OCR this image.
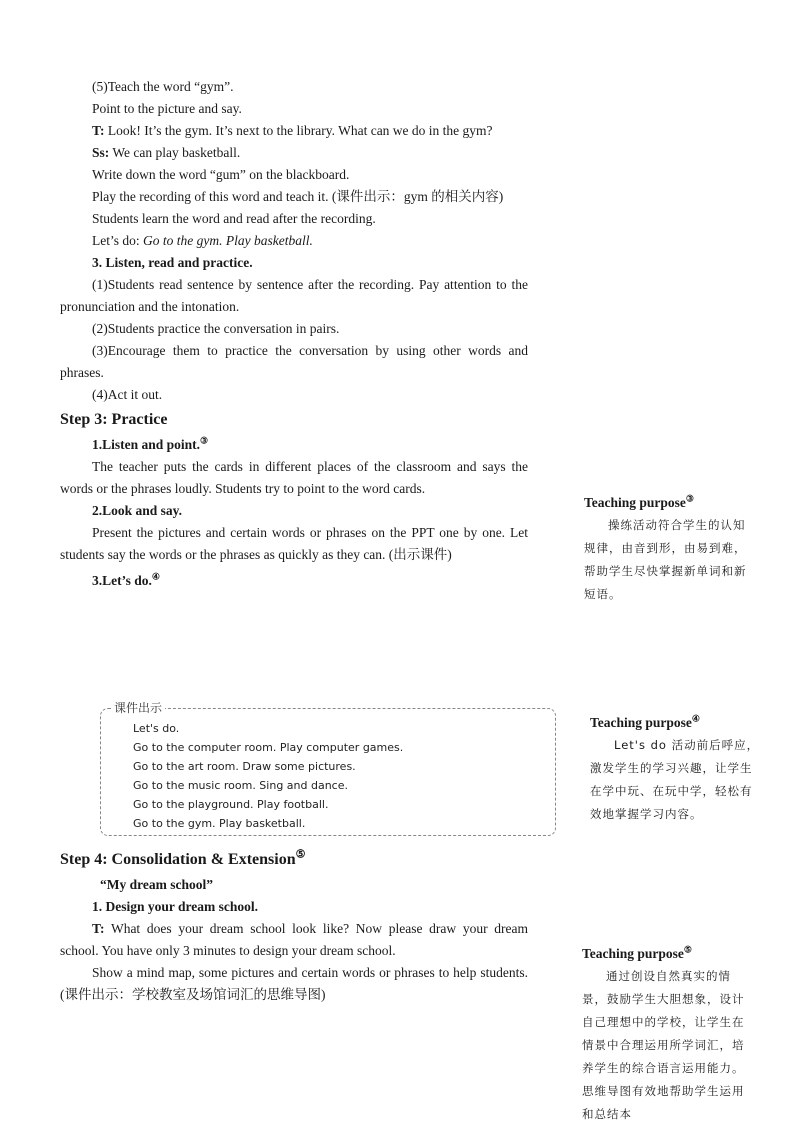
(5)Teach the word “gym”.

Point to the picture and say.

T: Look! It’s the gym. It’s next to the library. What can we do in the gym?

Ss: We can play basketball.

Write down the word “gum” on the blackboard.

Play the recording of this word and teach it. (课件出示：gym 的相关内容)

Students learn the word and read after the recording.

Let’s do: Go to the gym. Play basketball.

3. Listen, read and practice.

(1)Students read sentence by sentence after the recording. Pay attention to the pronunciation and the intonation.

(2)Students practice the conversation in pairs.

(3)Encourage them to practice the conversation by using other words and phrases.

(4)Act it out.

Step 3: Practice

1.Listen and point.③

The teacher puts the cards in different places of the classroom and says the words or the phrases loudly. Students try to point to the word cards.

2.Look and say.

Present the pictures and certain words or phrases on the PPT one by one. Let students say the words or the phrases as quickly as they can. (出示课件)

3.Let’s do.④

课件出示
Let's do.
Go to the computer room. Play computer games.
Go to the art room. Draw some pictures.
Go to the music room. Sing and dance.
Go to the playground. Play football.
Go to the gym. Play basketball.

Step 4: Consolidation & Extension⑤

“My dream school”

1. Design your dream school.

T: What does your dream school look like? Now please draw your dream school. You have only 3 minutes to design your dream school.

Show a mind map, some pictures and certain words or phrases to help students. (课件出示：学校教室及场馆词汇的思维导图)

Teaching purpose③

操练活动符合学生的认知规律，由音到形，由易到难，帮助学生尽快掌握新单词和新短语。

Teaching purpose④

Let's do 活动前后呼应，激发学生的学习兴趣，让学生在学中玩、在玩中学，轻松有效地掌握学习内容。

Teaching purpose⑤

通过创设自然真实的情景，鼓励学生大胆想象，设计自己理想中的学校，让学生在情景中合理运用所学词汇，培养学生的综合语言运用能力。思维导图有效地帮助学生运用和总结本
